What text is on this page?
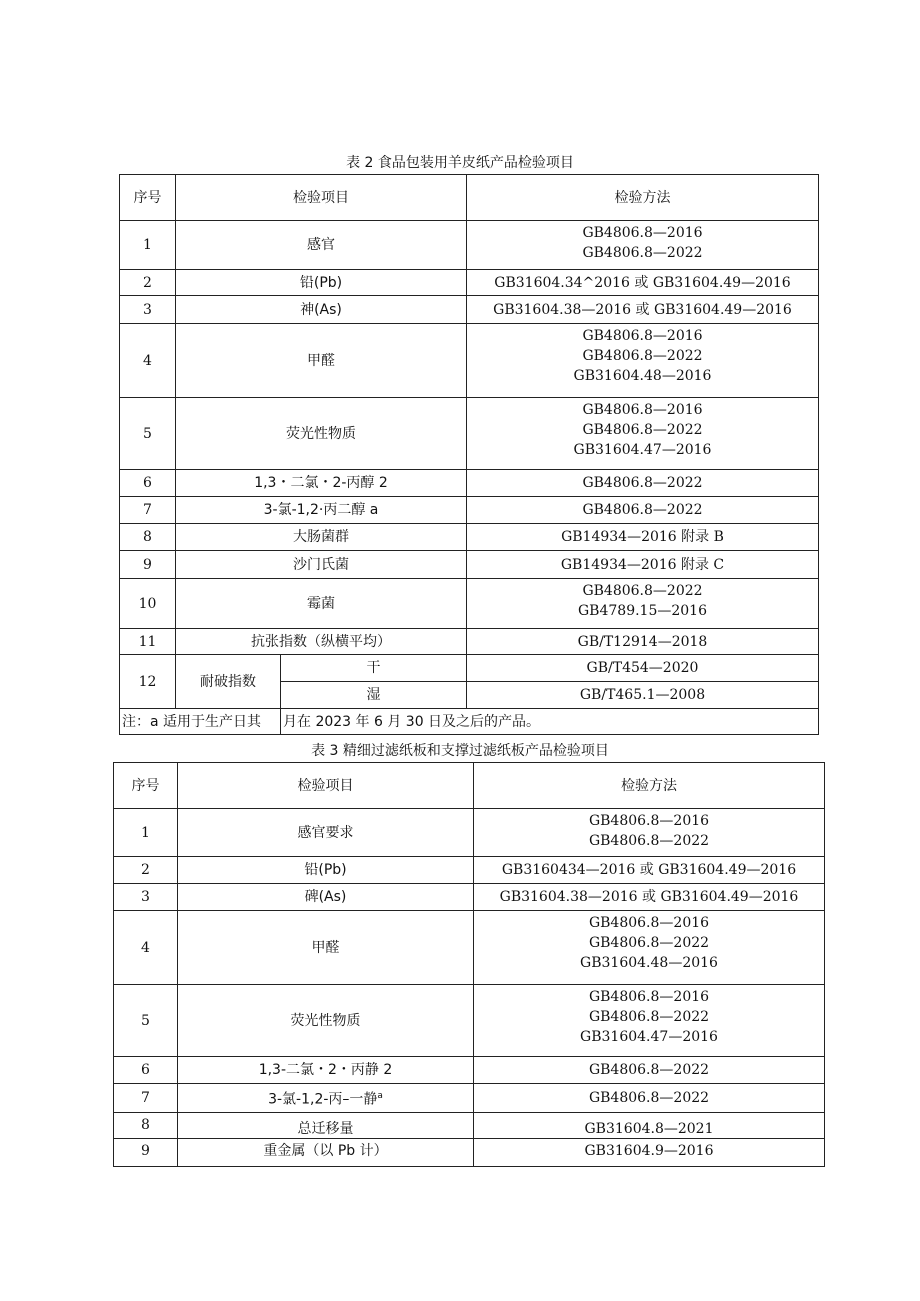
表 2 食品包装用羊皮纸产品检验项目
序号	检验项目		检验方法
1	感官		GB4806.8—2016
GB4806.8—2022

2	铅(Pb)		GB31604.34^2016 或 GB31604.49—2016
3	神(As)		GB31604.38—2016 或 GB31604.49—2016
4	甲醛		GB4806.8—2016
GB4806.8—2022
GB31604.48—2016

5	荧光性物质		GB4806.8—2016
GB4806.8—2022
GB31604.47—2016

6	1,3・二氯・2-丙醇 2		GB4806.8—2022
7	3-氯-1,2·丙二醇 a		GB4806.8—2022
8	大肠菌群		GB14934—2016 附录 B
9	沙门氏菌		GB14934—2016 附录 C
10	霉菌		GB4806.8—2022
GB4789.15—2016

11	抗张指数（纵横平均）		GB/T12914—2018
12	耐破指数	干	GB/T454—2020
		湿	GB/T465.1—2008
注：a 适用于生产日其		月在 2023 年 6 月 30 日及之后的产品。	
表 3 精细过滤纸板和支撑过滤纸板产品检验项目
序号	检验项目	检验方法
1	感官要求	GB4806.8—2016
GB4806.8—2022

2	铅(Pb)	GB3160434—2016 或 GB31604.49—2016
3	碑(As)	GB31604.38—2016 或 GB31604.49—2016
4	甲醛	GB4806.8—2016
GB4806.8—2022
GB31604.48—2016

5	荧光性物质	GB4806.8—2016
GB4806.8—2022
GB31604.47—2016

6	1,3-二氯・2・丙静 2	GB4806.8—2022
7	3-氯-1,2-丙–一静$^a$	GB4806.8—2022
8	总迁移量	GB31604.8—2021
9	重金属（以 Pb 计）	GB31604.9—2016
